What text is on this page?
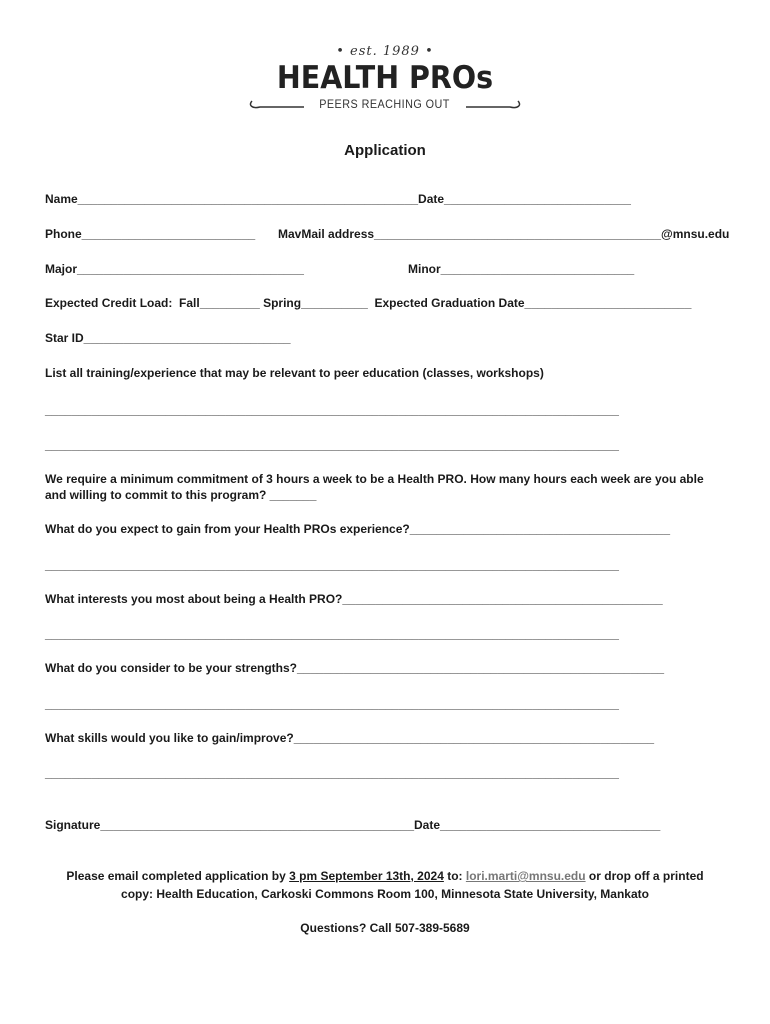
• est. 1989 •
HEALTH PROs
PEERS REACHING OUT
Application
Name___________________________________________________Date____________________________
Phone__________________________ MavMail address___________________________________________@mnsu.edu
Major__________________________________	Minor_____________________________
Expected Credit Load:  Fall_________ Spring__________  Expected Graduation Date_________________________
Star ID_______________________________
List all training/experience that may be relevant to peer education (classes, workshops)
______________________________________________________________________________________
______________________________________________________________________________________
We require a minimum commitment of 3 hours a week to be a Health PRO. How many hours each week are you able and willing to commit to this program? _______
What do you expect to gain from your Health PROs experience?_______________________________________
______________________________________________________________________________________
What interests you most about being a Health PRO?________________________________________________
______________________________________________________________________________________
What do you consider to be your strengths?_______________________________________________________
______________________________________________________________________________________
What skills would you like to gain/improve?______________________________________________________
______________________________________________________________________________________
Signature_______________________________________________ Date_________________________________
Please email completed application by 3 pm September 13th, 2024 to: lori.marti@mnsu.edu or drop off a printed
copy: Health Education, Carkoski Commons Room 100, Minnesota State University, Mankato
Questions? Call 507-389-5689
